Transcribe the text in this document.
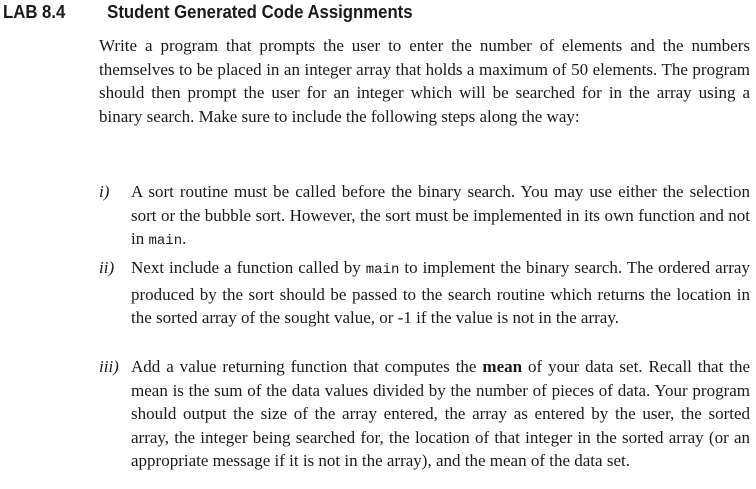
LAB 8.4 Student Generated Code Assignments
Write a program that prompts the user to enter the number of elements and the numbers themselves to be placed in an integer array that holds a maximum of 50 elements. The program should then prompt the user for an integer which will be searched for in the array using a binary search. Make sure to include the following steps along the way:
i) A sort routine must be called before the binary search. You may use either the selection sort or the bubble sort. However, the sort must be implemented in its own function and not in main.
ii) Next include a function called by main to implement the binary search. The ordered array produced by the sort should be passed to the search routine which returns the location in the sorted array of the sought value, or -1 if the value is not in the array.
iii) Add a value returning function that computes the mean of your data set. Recall that the mean is the sum of the data values divided by the number of pieces of data. Your program should output the size of the array entered, the array as entered by the user, the sorted array, the integer being searched for, the location of that integer in the sorted array (or an appropriate message if it is not in the array), and the mean of the data set.
